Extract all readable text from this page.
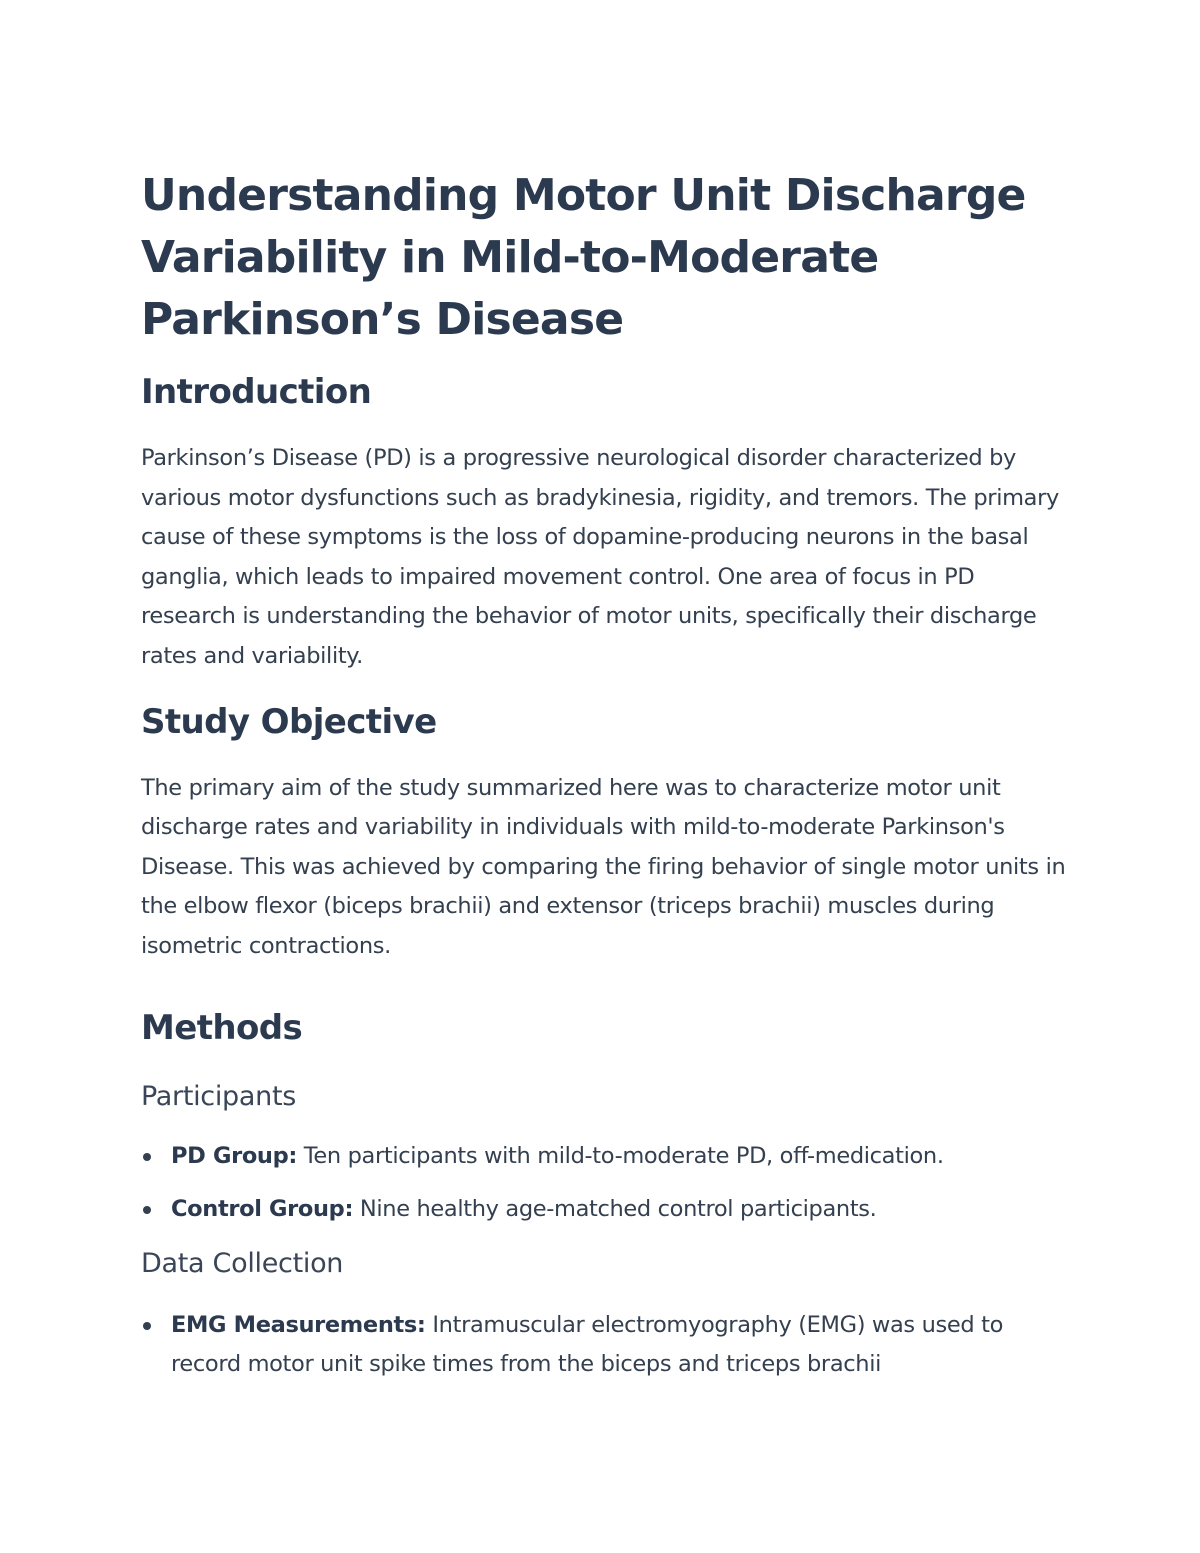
Understanding Motor Unit Discharge Variability in Mild-to-Moderate Parkinson’s Disease
Introduction

Parkinson’s Disease (PD) is a progressive neurological disorder characterized by various motor dysfunctions such as bradykinesia, rigidity, and tremors. The primary cause of these symptoms is the loss of dopamine-producing neurons in the basal ganglia, which leads to impaired movement control. One area of focus in PD research is understanding the behavior of motor units, specifically their discharge rates and variability.

Study Objective

The primary aim of the study summarized here was to characterize motor unit discharge rates and variability in individuals with mild-to-moderate Parkinson's Disease. This was achieved by comparing the firing behavior of single motor units in the elbow flexor (biceps brachii) and extensor (triceps brachii) muscles during isometric contractions.

Methods
Participants
PD Group: Ten participants with mild-to-moderate PD, off-medication.
Control Group: Nine healthy age-matched control participants.
Data Collection
EMG Measurements: Intramuscular electromyography (EMG) was used to record motor unit spike times from the biceps and triceps brachii
